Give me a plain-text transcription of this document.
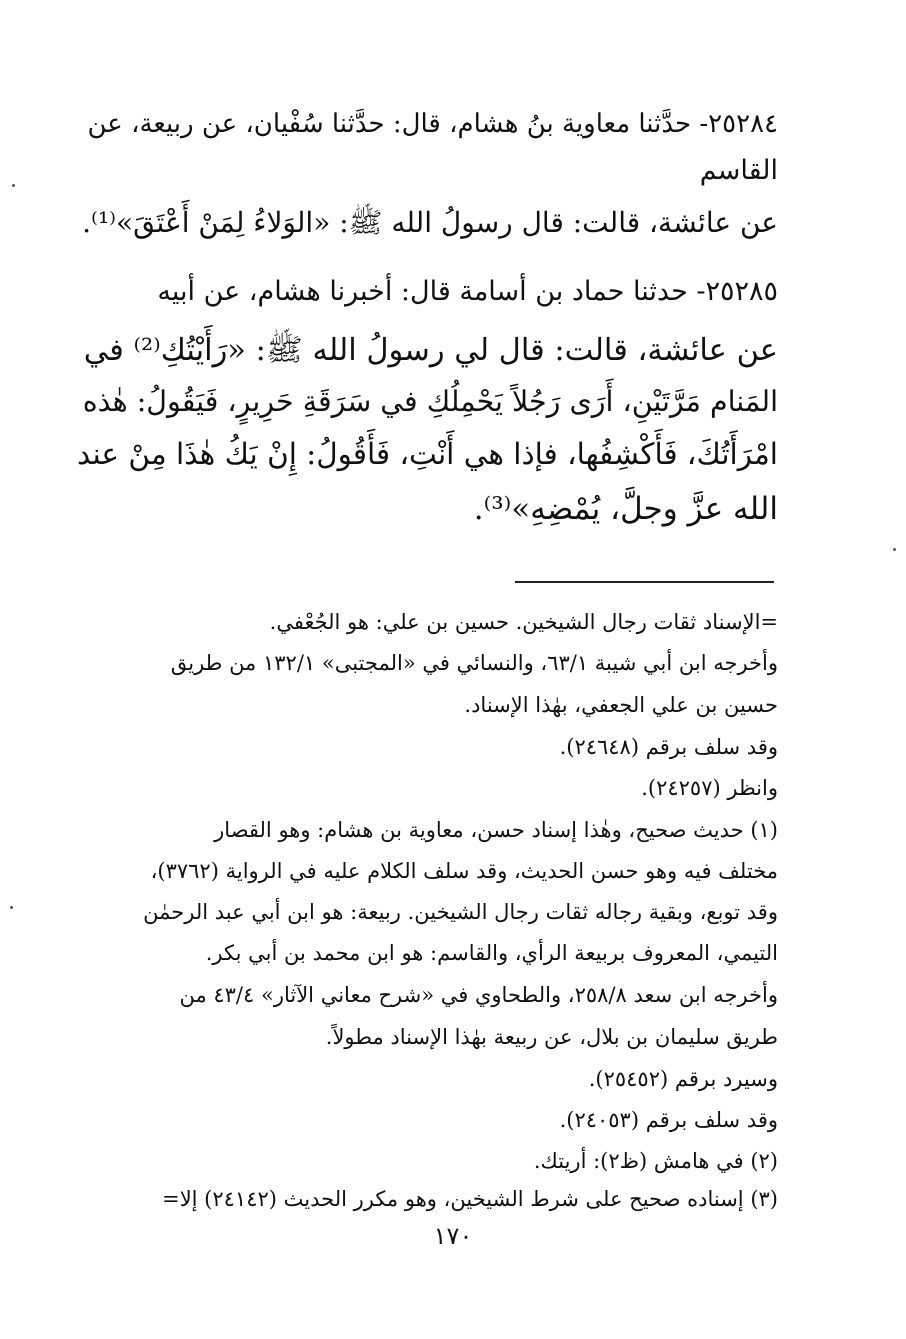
٢٥٢٨٤- حدَّثنا معاوية بنُ هشام، قال: حدَّثنا سُفْيان، عن ربيعة، عن

القاسم

عن عائشة، قالت: قال رسولُ الله ﷺ: «الوَلاءُ لِمَنْ أَعْتَقَ»⁽¹⁾.

٢٥٢٨٥- حدثنا حماد بن أسامة قال: أخبرنا هشام، عن أبيه

عن عائشة، قالت: قال لي رسولُ الله ﷺ: «رَأَيْتُكِ⁽²⁾ في

المَنام مَرَّتَيْنِ، أَرَى رَجُلاً يَحْمِلُكِ في سَرَقَةِ حَرِيرٍ، فَيَقُولُ: هٰذه

امْرَأَتُكَ، فَأَكْشِفُها، فإذا هي أَنْتِ، فَأَقُولُ: إِنْ يَكُ هٰذَا مِنْ عند

الله عزَّ وجلَّ، يُمْضِهِ»⁽³⁾.

=الإسناد ثقات رجال الشيخين. حسين بن علي: هو الجُعْفي.

وأخرجه ابن أبي شيبة ٦٣/١، والنسائي في «المجتبى» ١٣٢/١ من طريق

حسين بن علي الجعفي، بهٰذا الإسناد.

وقد سلف برقم (٢٤٦٤٨).

وانظر (٢٤٢٥٧).

(١) حديث صحيح، وهٰذا إسناد حسن، معاوية بن هشام: وهو القصار

مختلف فيه وهو حسن الحديث، وقد سلف الكلام عليه في الرواية (٣٧٦٢)،

وقد توبع، وبقية رجاله ثقات رجال الشيخين. ربيعة: هو ابن أبي عبد الرحمٰن

التيمي، المعروف بربيعة الرأي، والقاسم: هو ابن محمد بن أبي بكر.

وأخرجه ابن سعد ٢٥٨/٨، والطحاوي في «شرح معاني الآثار» ٤٣/٤ من

طريق سليمان بن بلال، عن ربيعة بهٰذا الإسناد مطولاً.

وسيرد برقم (٢٥٤٥٢).

وقد سلف برقم (٢٤٠٥٣).

(٢) في هامش (ظ٢): أريتك.

(٣) إسناده صحيح على شرط الشيخين، وهو مكرر الحديث (٢٤١٤٢) إلا=

١٧٠
